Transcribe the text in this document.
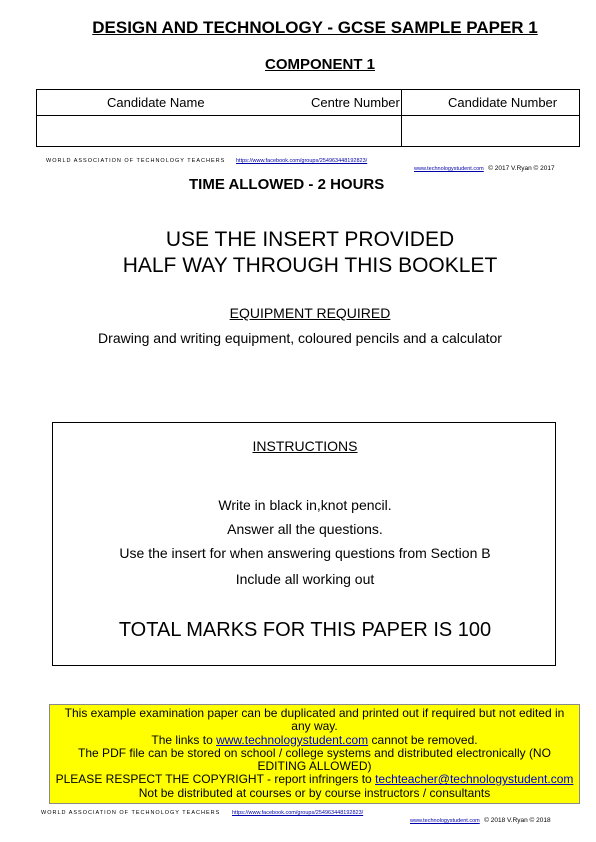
DESIGN AND TECHNOLOGY - GCSE SAMPLE PAPER 1
COMPONENT 1
Candidate Name	Centre Number	Candidate Number
WORLD ASSOCIATION OF TECHNOLOGY TEACHERS https://www.facebook.com/groups/254963448192823/
www.technologystudent.com © 2017 V.Ryan © 2017
TIME ALLOWED - 2 HOURS
USE THE INSERT PROVIDED
HALF WAY THROUGH THIS BOOKLET
EQUIPMENT REQUIRED
Drawing and writing equipment, coloured pencils and a calculator
INSTRUCTIONS
Write in black in,knot pencil.
Answer all the questions.
Use the insert for when answering questions from Section B
Include all working out
TOTAL MARKS FOR THIS PAPER IS 100
This example examination paper can be duplicated and printed out if required but not edited in any way.
The links to www.technologystudent.com cannot be removed.
The PDF file can be stored on school / college systems and distributed electronically (NO EDITING ALLOWED)
PLEASE RESPECT THE COPYRIGHT - report infringers to techteacher@technologystudent.com
Not be distributed at courses or by course instructors / consultants
WORLD ASSOCIATION OF TECHNOLOGY TEACHERS https://www.facebook.com/groups/254963448192823/
www.technologystudent.com © 2018 V.Ryan © 2018
